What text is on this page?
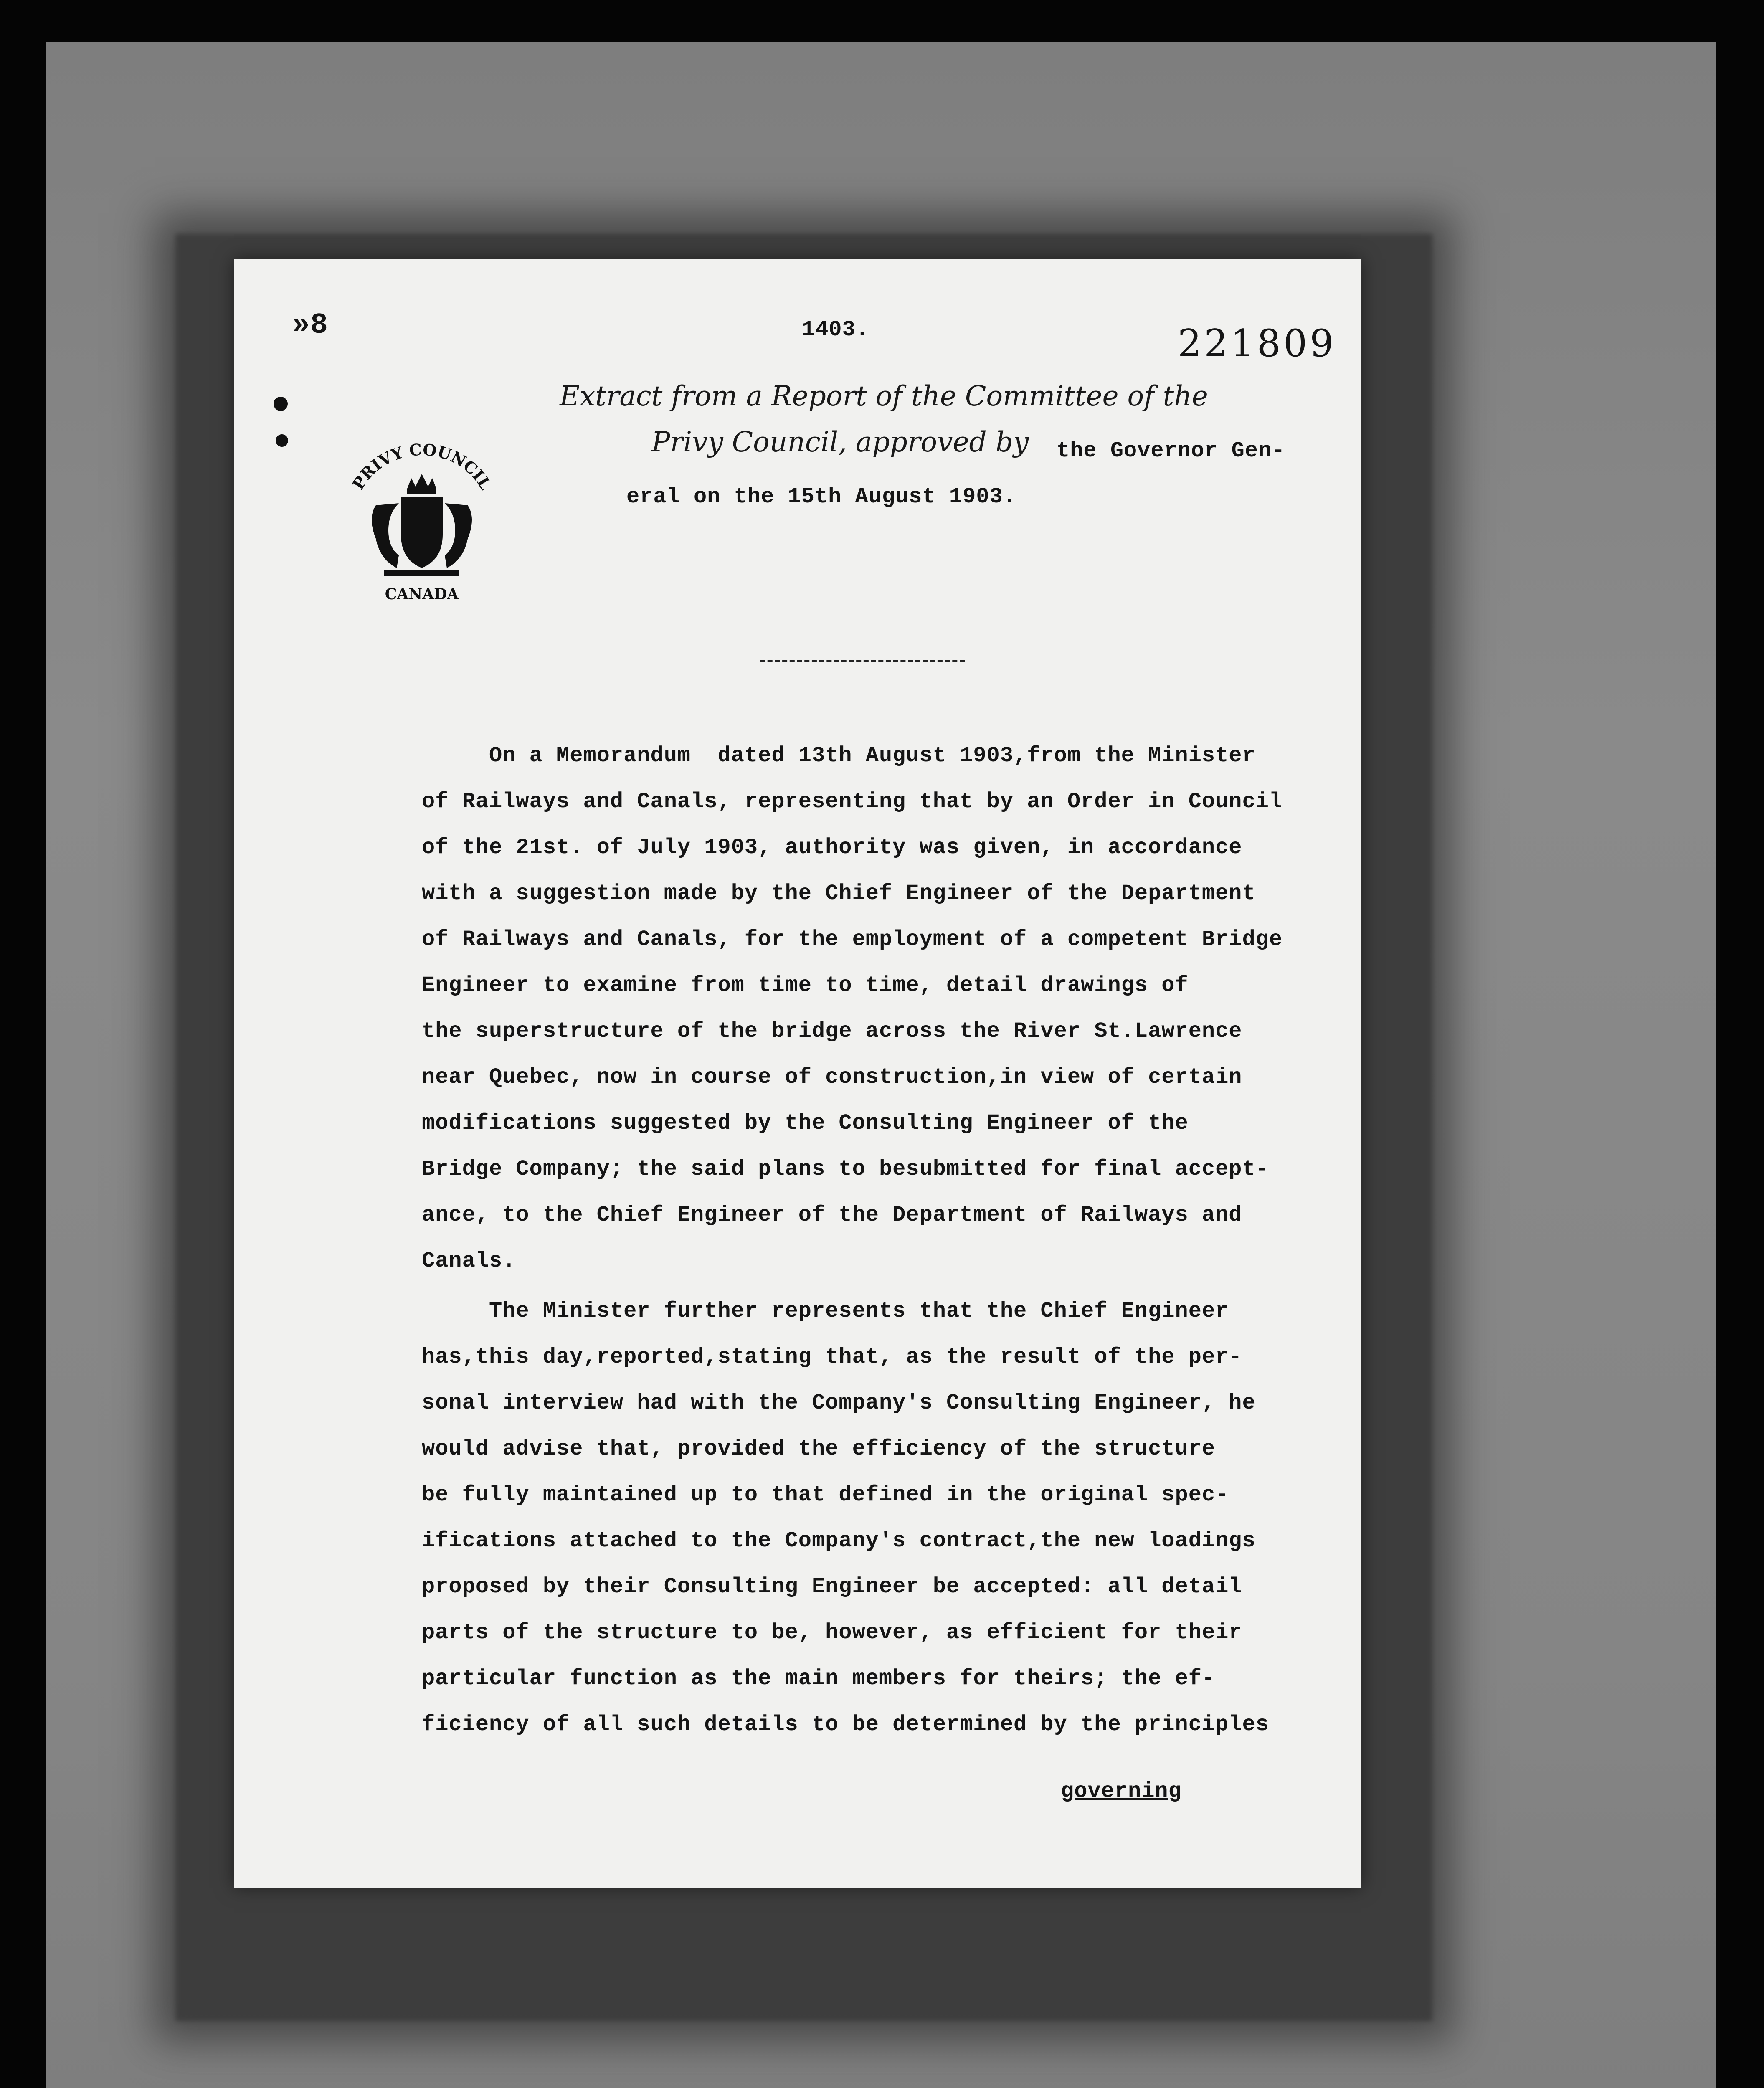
»8	1403.	221809
Extract from a Report of the Committee of the
Privy Council, approved by the Governor Gen-
eral on the 15th August 1903.
PRIVY COUNCIL
CANADA
On a Memorandum  dated 13th August 1903,from the Minister
of Railways and Canals, representing that by an Order in Council
of the 21st. of July 1903, authority was given, in accordance
with a suggestion made by the Chief Engineer of the Department
of Railways and Canals, for the employment of a competent Bridge
Engineer to examine from time to time, detail drawings of
the superstructure of the bridge across the River St.Lawrence
near Quebec, now in course of construction,in view of certain
modifications suggested by the Consulting Engineer of the
Bridge Company; the said plans to besubmitted for final accept-
ance, to the Chief Engineer of the Department of Railways and
Canals.
The Minister further represents that the Chief Engineer
has,this day,reported,stating that, as the result of the per-
sonal interview had with the Company's Consulting Engineer, he
would advise that, provided the efficiency of the structure
be fully maintained up to that defined in the original spec-
ifications attached to the Company's contract,the new loadings
proposed by their Consulting Engineer be accepted: all detail
parts of the structure to be, however, as efficient for their
particular function as the main members for theirs; the ef-
ficiency of all such details to be determined by the principles
governing
